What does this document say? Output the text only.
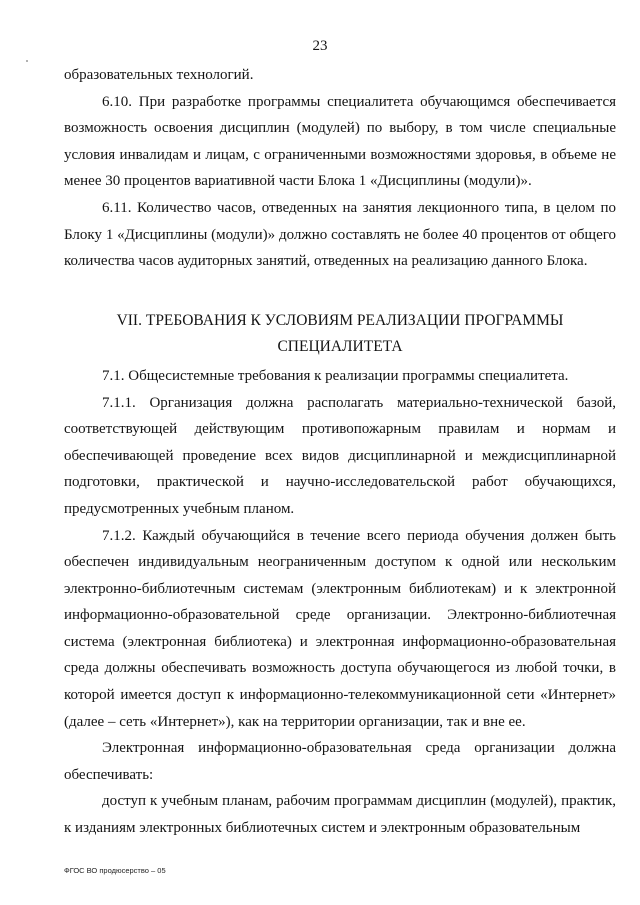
23

образовательных технологий.

6.10. При разработке программы специалитета обучающимся обеспечивается возможность освоения дисциплин (модулей) по выбору, в том числе специальные условия инвалидам и лицам, с ограниченными возможностями здоровья, в объеме не менее 30 процентов вариативной части Блока 1 «Дисциплины (модули)».

6.11. Количество часов, отведенных на занятия лекционного типа, в целом по Блоку 1 «Дисциплины (модули)» должно составлять не более 40 процентов от общего количества часов аудиторных занятий, отведенных на реализацию данного Блока.

VII. ТРЕБОВАНИЯ К УСЛОВИЯМ РЕАЛИЗАЦИИ ПРОГРАММЫ
СПЕЦИАЛИТЕТА

7.1. Общесистемные требования к реализации программы специалитета.

7.1.1. Организация должна располагать материально-технической базой, соответствующей действующим противопожарным правилам и нормам и обеспечивающей проведение всех видов дисциплинарной и междисциплинарной подготовки, практической и научно-исследовательской работ обучающихся, предусмотренных учебным планом.

7.1.2. Каждый обучающийся в течение всего периода обучения должен быть обеспечен индивидуальным неограниченным доступом к одной или нескольким электронно-библиотечным системам (электронным библиотекам) и к электронной информационно-образовательной среде организации. Электронно-библиотечная система (электронная библиотека) и электронная информационно-образовательная среда должны обеспечивать возможность доступа обучающегося из любой точки, в которой имеется доступ к информационно-телекоммуникационной сети «Интернет» (далее – сеть «Интернет»), как на территории организации, так и вне ее.

Электронная информационно-образовательная среда организации должна обеспечивать:

доступ к учебным планам, рабочим программам дисциплин (модулей), практик, к изданиям электронных библиотечных систем и электронным образовательным

ФГОС ВО продюсерство – 05
